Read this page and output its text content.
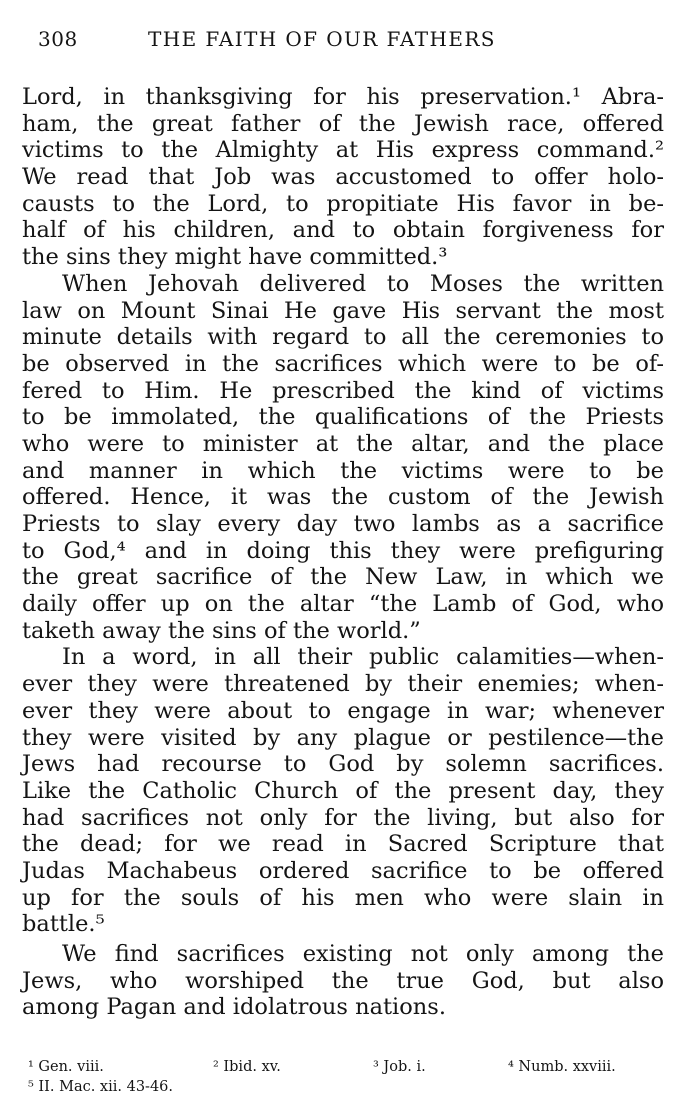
308	THE FAITH OF OUR FATHERS
Lord, in thanksgiving for his preservation.¹ Abra-
ham, the great father of the Jewish race, offered
victims to the Almighty at His express command.²
We read that Job was accustomed to offer holo-
causts to the Lord, to propitiate His favor in be-
half of his children, and to obtain forgiveness for
the sins they might have committed.³
When Jehovah delivered to Moses the written
law on Mount Sinai He gave His servant the most
minute details with regard to all the ceremonies to
be observed in the sacrifices which were to be of-
fered to Him. He prescribed the kind of victims
to be immolated, the qualifications of the Priests
who were to minister at the altar, and the place
and manner in which the victims were to be
offered. Hence, it was the custom of the Jewish
Priests to slay every day two lambs as a sacrifice
to God,⁴ and in doing this they were prefiguring
the great sacrifice of the New Law, in which we
daily offer up on the altar “the Lamb of God, who
taketh away the sins of the world.”
In a word, in all their public calamities—when-
ever they were threatened by their enemies; when-
ever they were about to engage in war; whenever
they were visited by any plague or pestilence—the
Jews had recourse to God by solemn sacrifices.
Like the Catholic Church of the present day, they
had sacrifices not only for the living, but also for
the dead; for we read in Sacred Scripture that
Judas Machabeus ordered sacrifice to be offered
up for the souls of his men who were slain in
battle.⁵
We find sacrifices existing not only among the
Jews, who worshiped the true God, but also
among Pagan and idolatrous nations.
¹ Gen. viii.	² Ibid. xv.	³ Job. i.	⁴ Numb. xxviii.
⁵ II. Mac. xii. 43-46.
